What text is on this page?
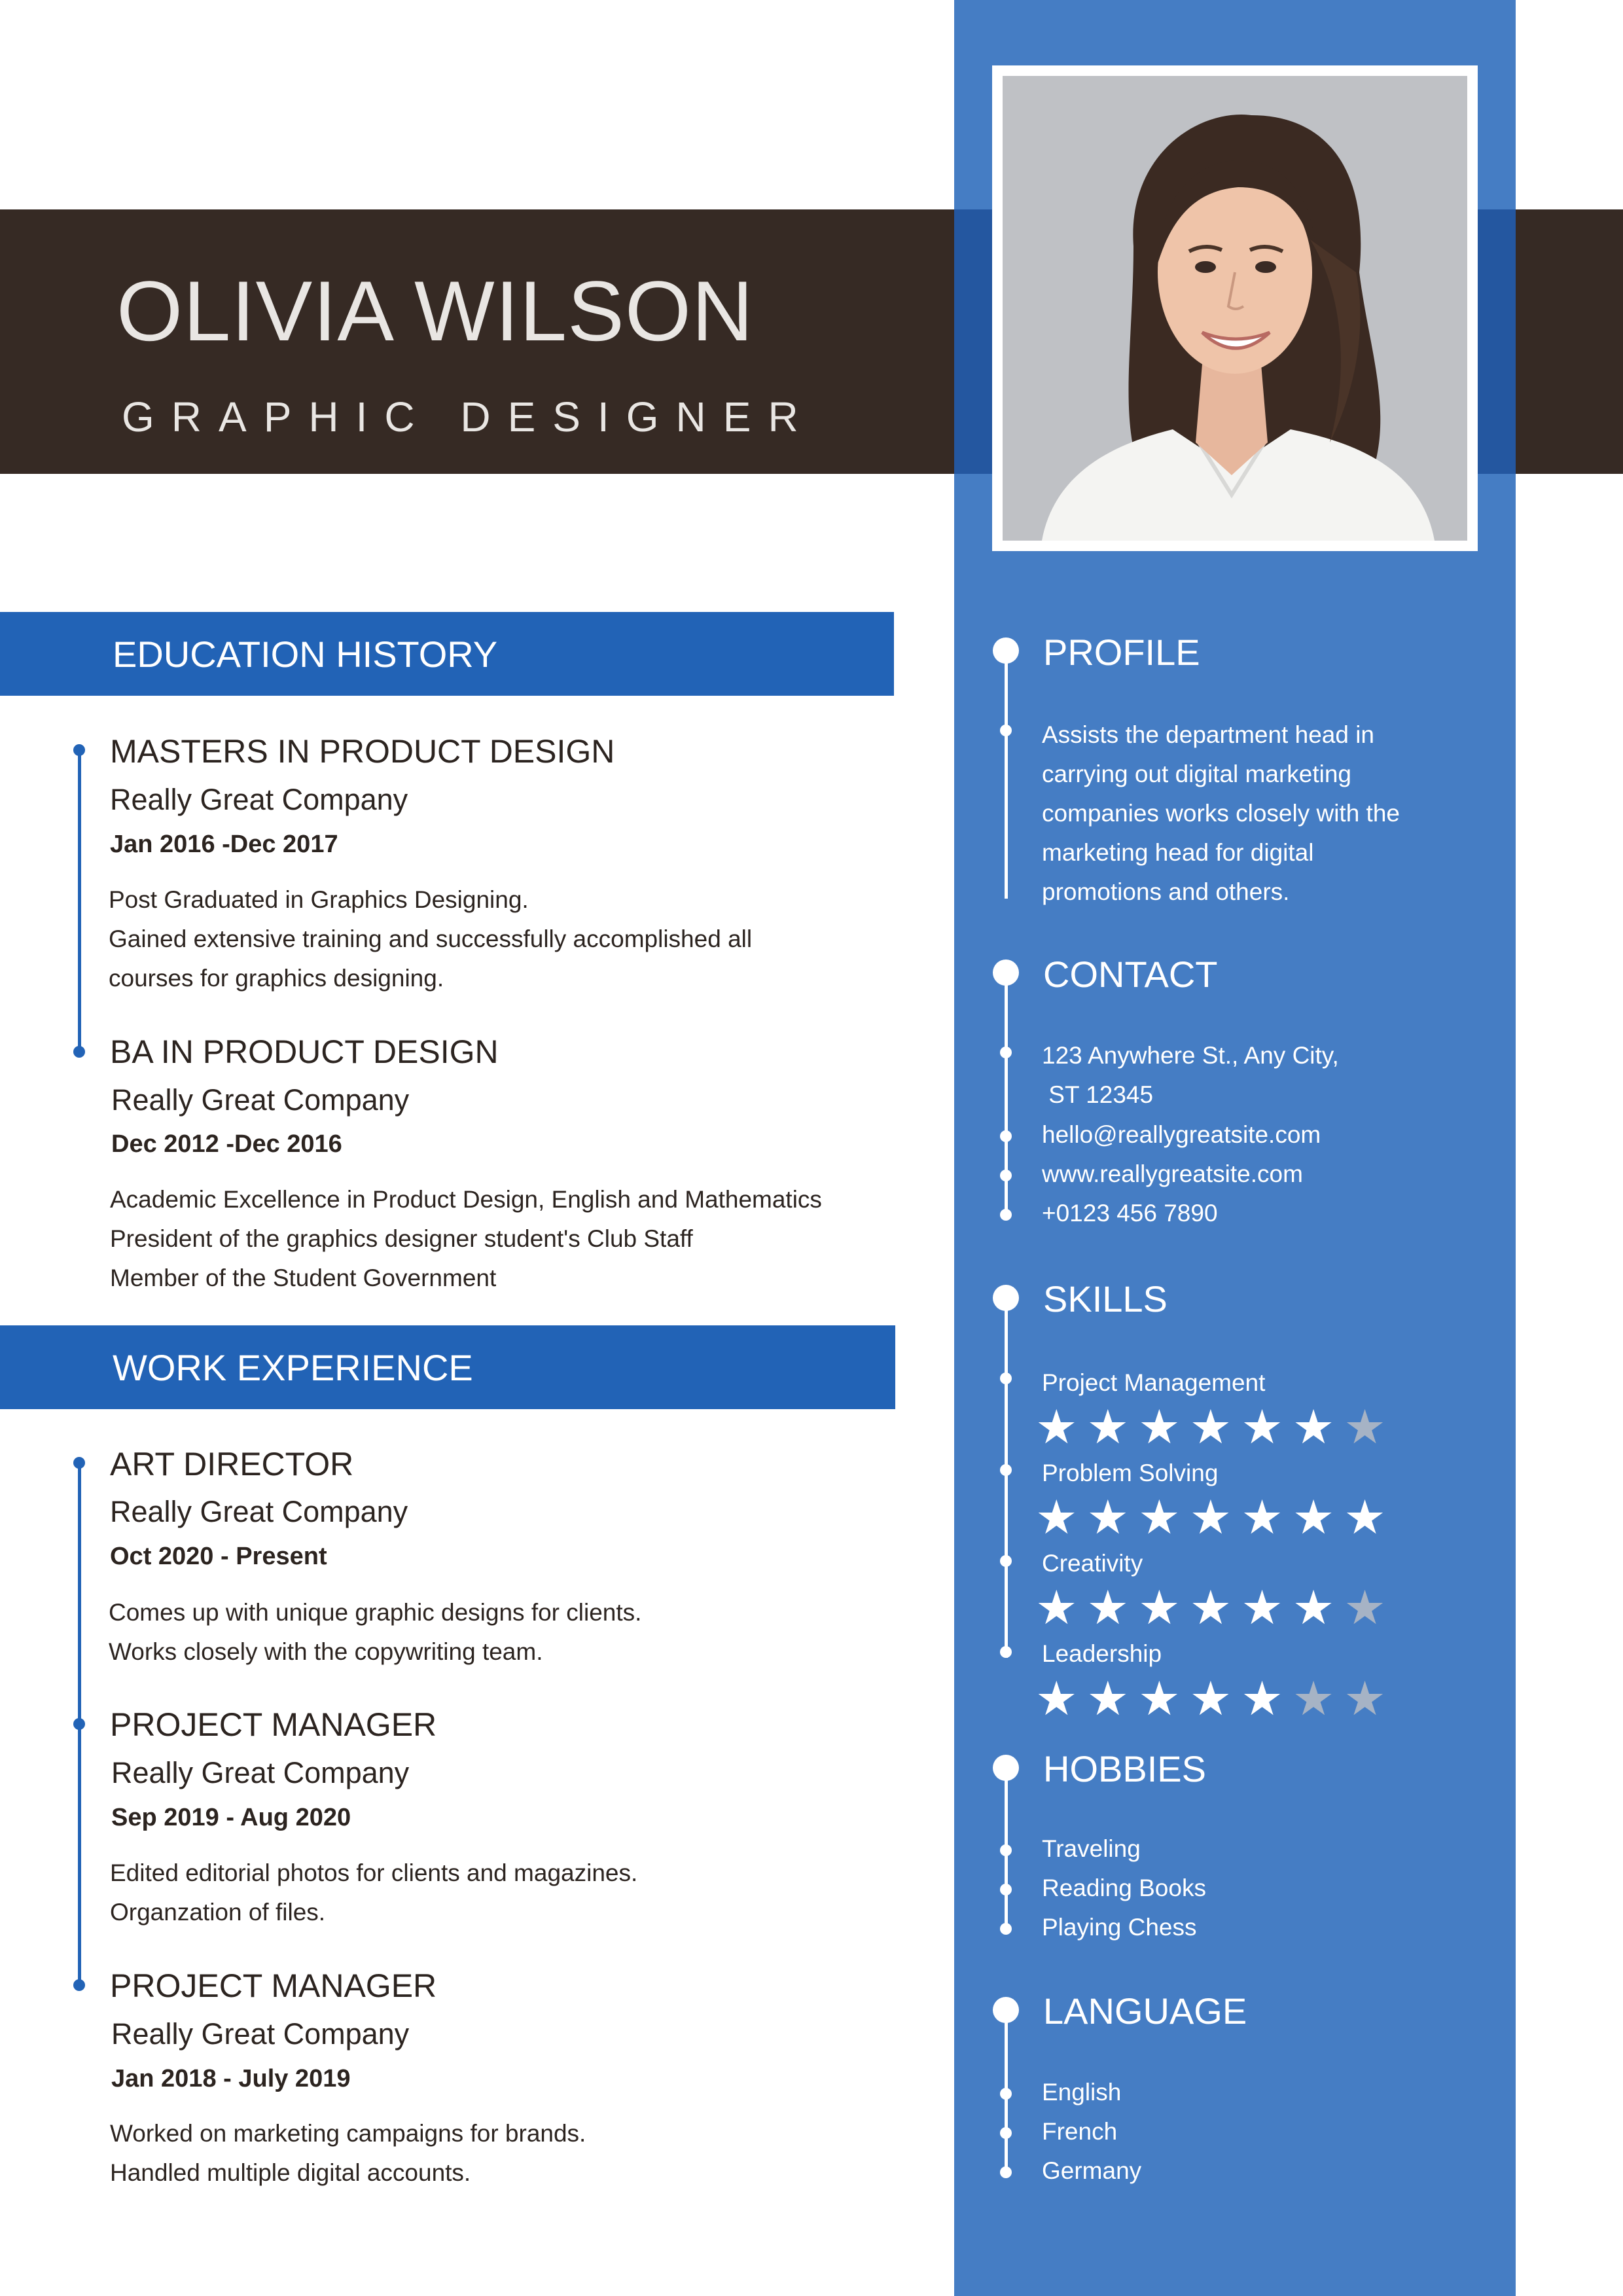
OLIVIA WILSON
GRAPHIC DESIGNER
EDUCATION HISTORY
MASTERS IN PRODUCT DESIGN
Really Great Company
Jan 2016 -Dec 2017
Post Graduated in Graphics Designing.
Gained extensive training and successfully accomplished all
courses for graphics designing.
BA IN PRODUCT DESIGN
Really Great Company
Dec 2012 -Dec 2016
Academic Excellence in Product Design, English and Mathematics
President of the graphics designer student's Club Staff
Member of the Student Government
WORK EXPERIENCE
ART DIRECTOR
Really Great Company
Oct 2020 - Present
Comes up with unique graphic designs for clients.
Works closely with the copywriting team.
PROJECT MANAGER
Really Great Company
Sep 2019 - Aug 2020
Edited editorial photos for clients and magazines.
Organzation of files.
PROJECT MANAGER
Really Great Company
Jan 2018 - July 2019
Worked on marketing campaigns for brands.
Handled multiple digital accounts.
PROFILE
Assists the department head in
carrying out digital marketing
companies works closely with the
marketing head for digital
promotions and others.
CONTACT
123 Anywhere St., Any City,
ST 12345
hello@reallygreatsite.com
www.reallygreatsite.com
+0123 456 7890
SKILLS
Project Management
★★★★★★★
Problem Solving
★★★★★★★
Creativity
★★★★★★★
Leadership
★★★★★★★
HOBBIES
Traveling
Reading Books
Playing Chess
LANGUAGE
English
French
Germany
